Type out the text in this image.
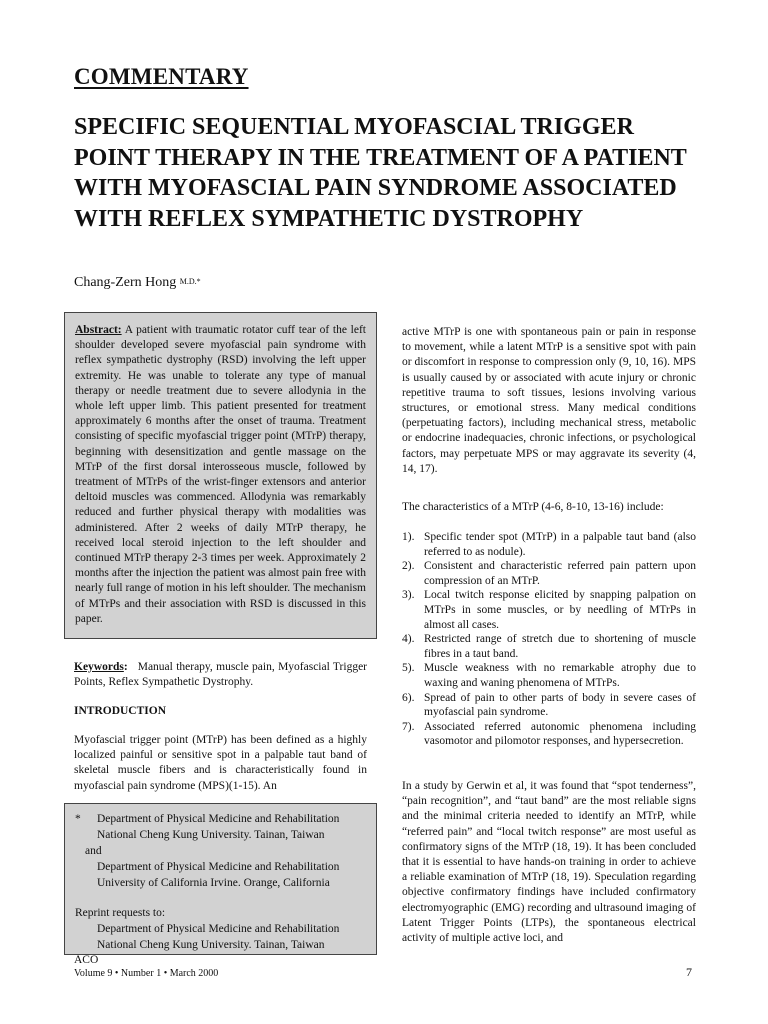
COMMENTARY
SPECIFIC SEQUENTIAL MYOFASCIAL TRIGGER POINT THERAPY IN THE TREATMENT OF A PATIENT WITH MYOFASCIAL PAIN SYNDROME ASSOCIATED WITH REFLEX SYMPATHETIC DYSTROPHY
Chang-Zern Hong M.D.*

Abstract: A patient with traumatic rotator cuff tear of the left shoulder developed severe myofascial pain syndrome with reflex sympathetic dystrophy (RSD) involving the left upper extremity. He was unable to tolerate any type of manual therapy or needle treatment due to severe allodynia in the whole left upper limb. This patient presented for treatment approximately 6 months after the onset of trauma. Treatment consisting of specific myofascial trigger point (MTrP) therapy, beginning with desensitization and gentle massage on the MTrP of the first dorsal interosseous muscle, followed by treatment of MTrPs of the wrist-finger extensors and anterior deltoid muscles was commenced. Allodynia was remarkably reduced and further physical therapy with modalities was administered. After 2 weeks of daily MTrP therapy, he received local steroid injection to the left shoulder and continued MTrP therapy 2-3 times per week. Approximately 2 months after the injection the patient was almost pain free with nearly full range of motion in his left shoulder. The mechanism of MTrPs and their association with RSD is discussed in this paper.

Keywords: Manual therapy, muscle pain, Myofascial Trigger Points, Reflex Sympathetic Dystrophy.

INTRODUCTION

Myofascial trigger point (MTrP) has been defined as a highly localized painful or sensitive spot in a palpable taut band of skeletal muscle fibers and is characteristically found in myofascial pain syndrome (MPS)(1-15). An

*	Department of Physical Medicine and Rehabilitation

National Cheng Kung University. Tainan, Taiwan

and

Department of Physical Medicine and Rehabilitation

University of California Irvine. Orange, California

Reprint requests to:

Department of Physical Medicine and Rehabilitation

National Cheng Kung University. Tainan, Taiwan

ACO
Volume 9 • Number 1 • March 2000	7

active MTrP is one with spontaneous pain or pain in response to movement, while a latent MTrP is a sensitive spot with pain or discomfort in response to compression only (9, 10, 16). MPS is usually caused by or associated with acute injury or chronic repetitive trauma to soft tissues, lesions involving various structures, or emotional stress. Many medical conditions (perpetuating factors), including mechanical stress, metabolic or endocrine inadequacies, chronic infections, or psychological factors, may perpetuate MPS or may aggravate its severity (4, 14, 17).

The characteristics of a MTrP (4-6, 8-10, 13-16) include:

1). Specific tender spot (MTrP) in a palpable taut band (also referred to as nodule).
2). Consistent and characteristic referred pain pattern upon compression of an MTrP.
3). Local twitch response elicited by snapping palpation on MTrPs in some muscles, or by needling of MTrPs in almost all cases.
4). Restricted range of stretch due to shortening of muscle fibres in a taut band.
5). Muscle weakness with no remarkable atrophy due to waxing and waning phenomena of MTrPs.
6). Spread of pain to other parts of body in severe cases of myofascial pain syndrome.
7). Associated referred autonomic phenomena including vasomotor and pilomotor responses, and hypersecretion.

In a study by Gerwin et al, it was found that “spot tenderness”, “pain recognition”, and “taut band” are the most reliable signs and the minimal criteria needed to identify an MTrP, while “referred pain” and “local twitch response” are most useful as confirmatory signs of the MTrP (18, 19). It has been concluded that it is essential to have hands-on training in order to achieve a reliable examination of MTrP (18, 19). Speculation regarding objective confirmatory findings have included confirmatory electromyographic (EMG) recording and ultrasound imaging of Latent Trigger Points (LTPs), the spontaneous electrical activity of multiple active loci, and
